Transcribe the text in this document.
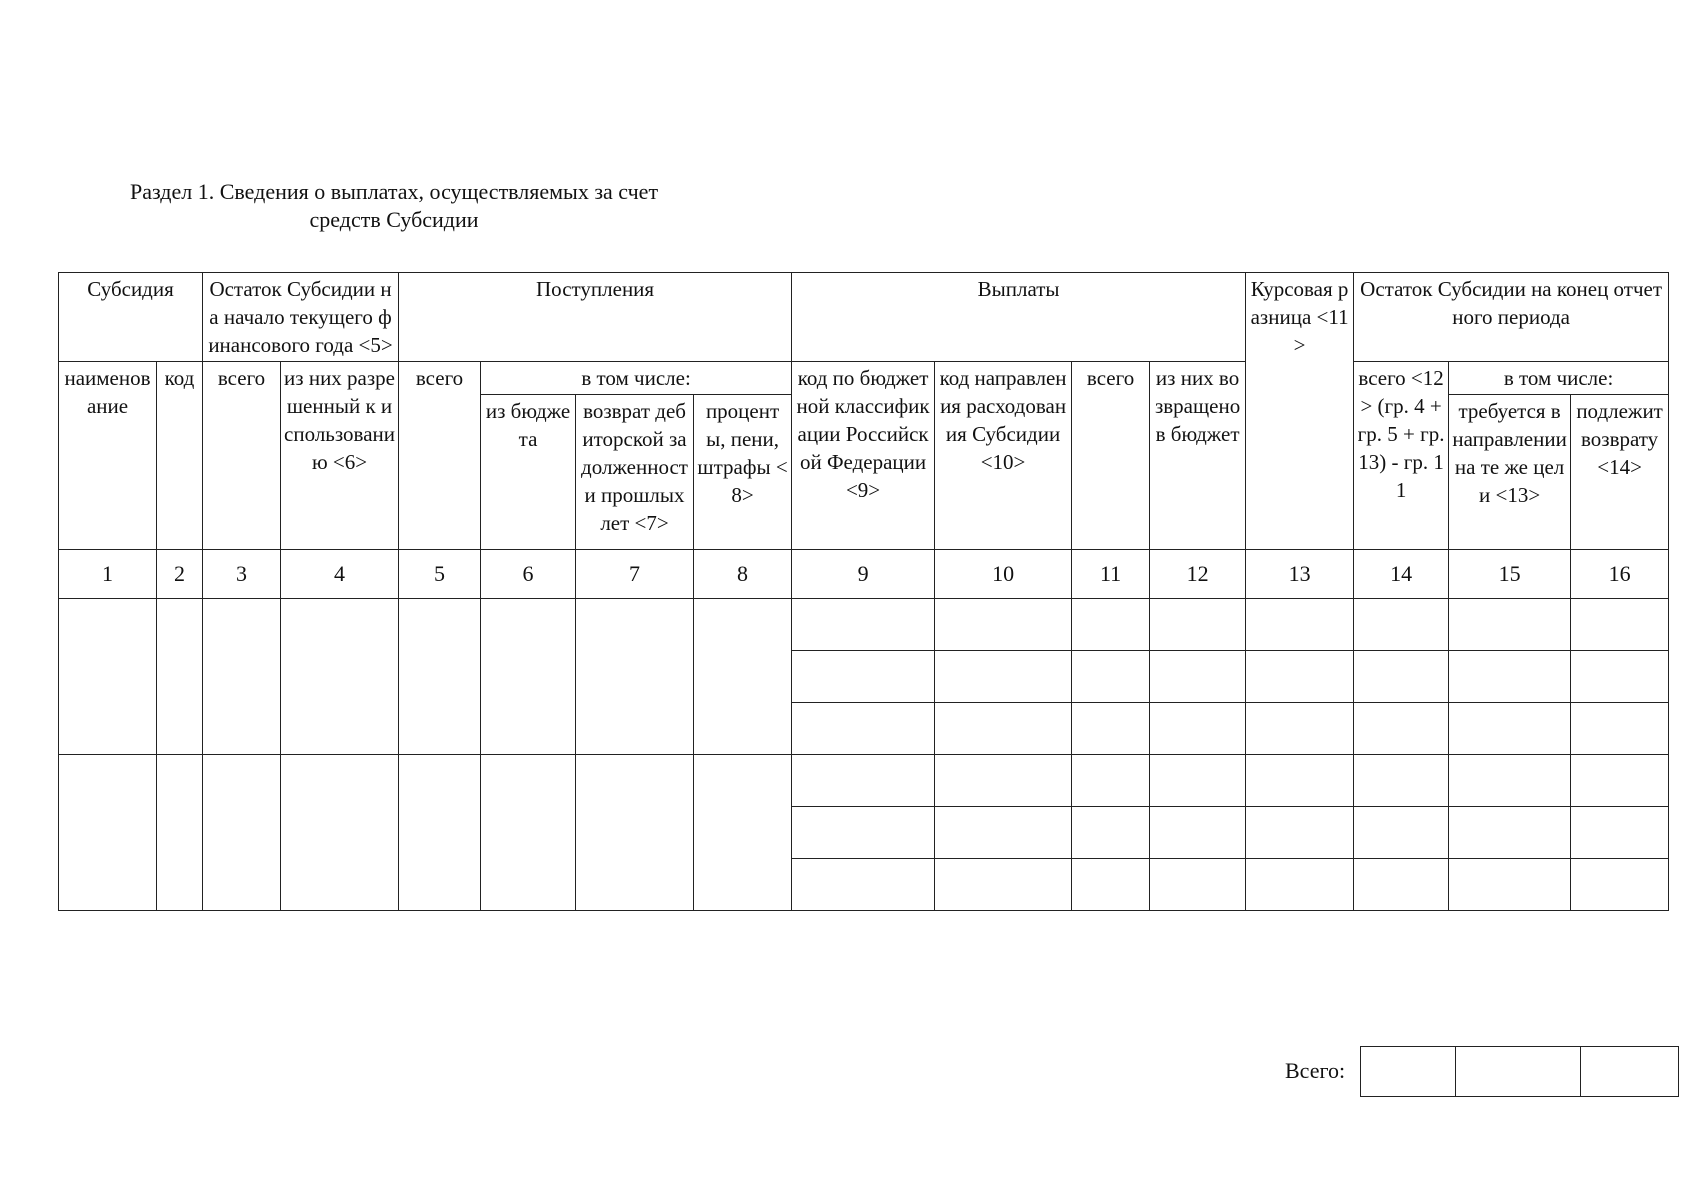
Раздел 1. Сведения о выплатах, осуществляемых за счет
средств Субсидии
Субсидия		Остаток Субсидии на начало текущего финансового года <5>		Поступления				Выплаты				Курсовая разница <11>	Остаток Субсидии на конец отчетного периода		
наименование	код	всего	из них разрешенный к использованию <6>	всего	в том числе:			код по бюджетной классификации Российской Федерации <9>	код направления расходования Субсидии <10>	всего	из них возвращено в бюджет		всего <12> (гр. 4 + гр. 5 + гр. 13) - гр. 11	в том числе:	
					из бюджета	возврат дебиторской задолженности прошлых лет <7>	проценты, пени, штрафы <8>							требуется в направлении на те же цели <13>	подлежит возврату <14>
1	2	3	4	5	6	7	8	9	10	11	12	13	14	15	16

Всего:
